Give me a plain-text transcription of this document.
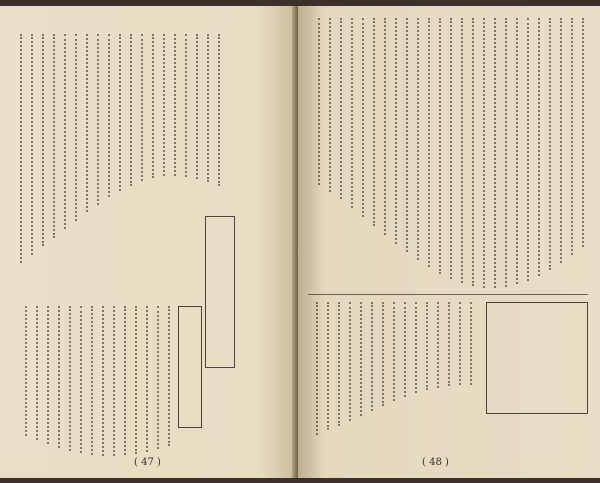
( 47 )	( 48 )
